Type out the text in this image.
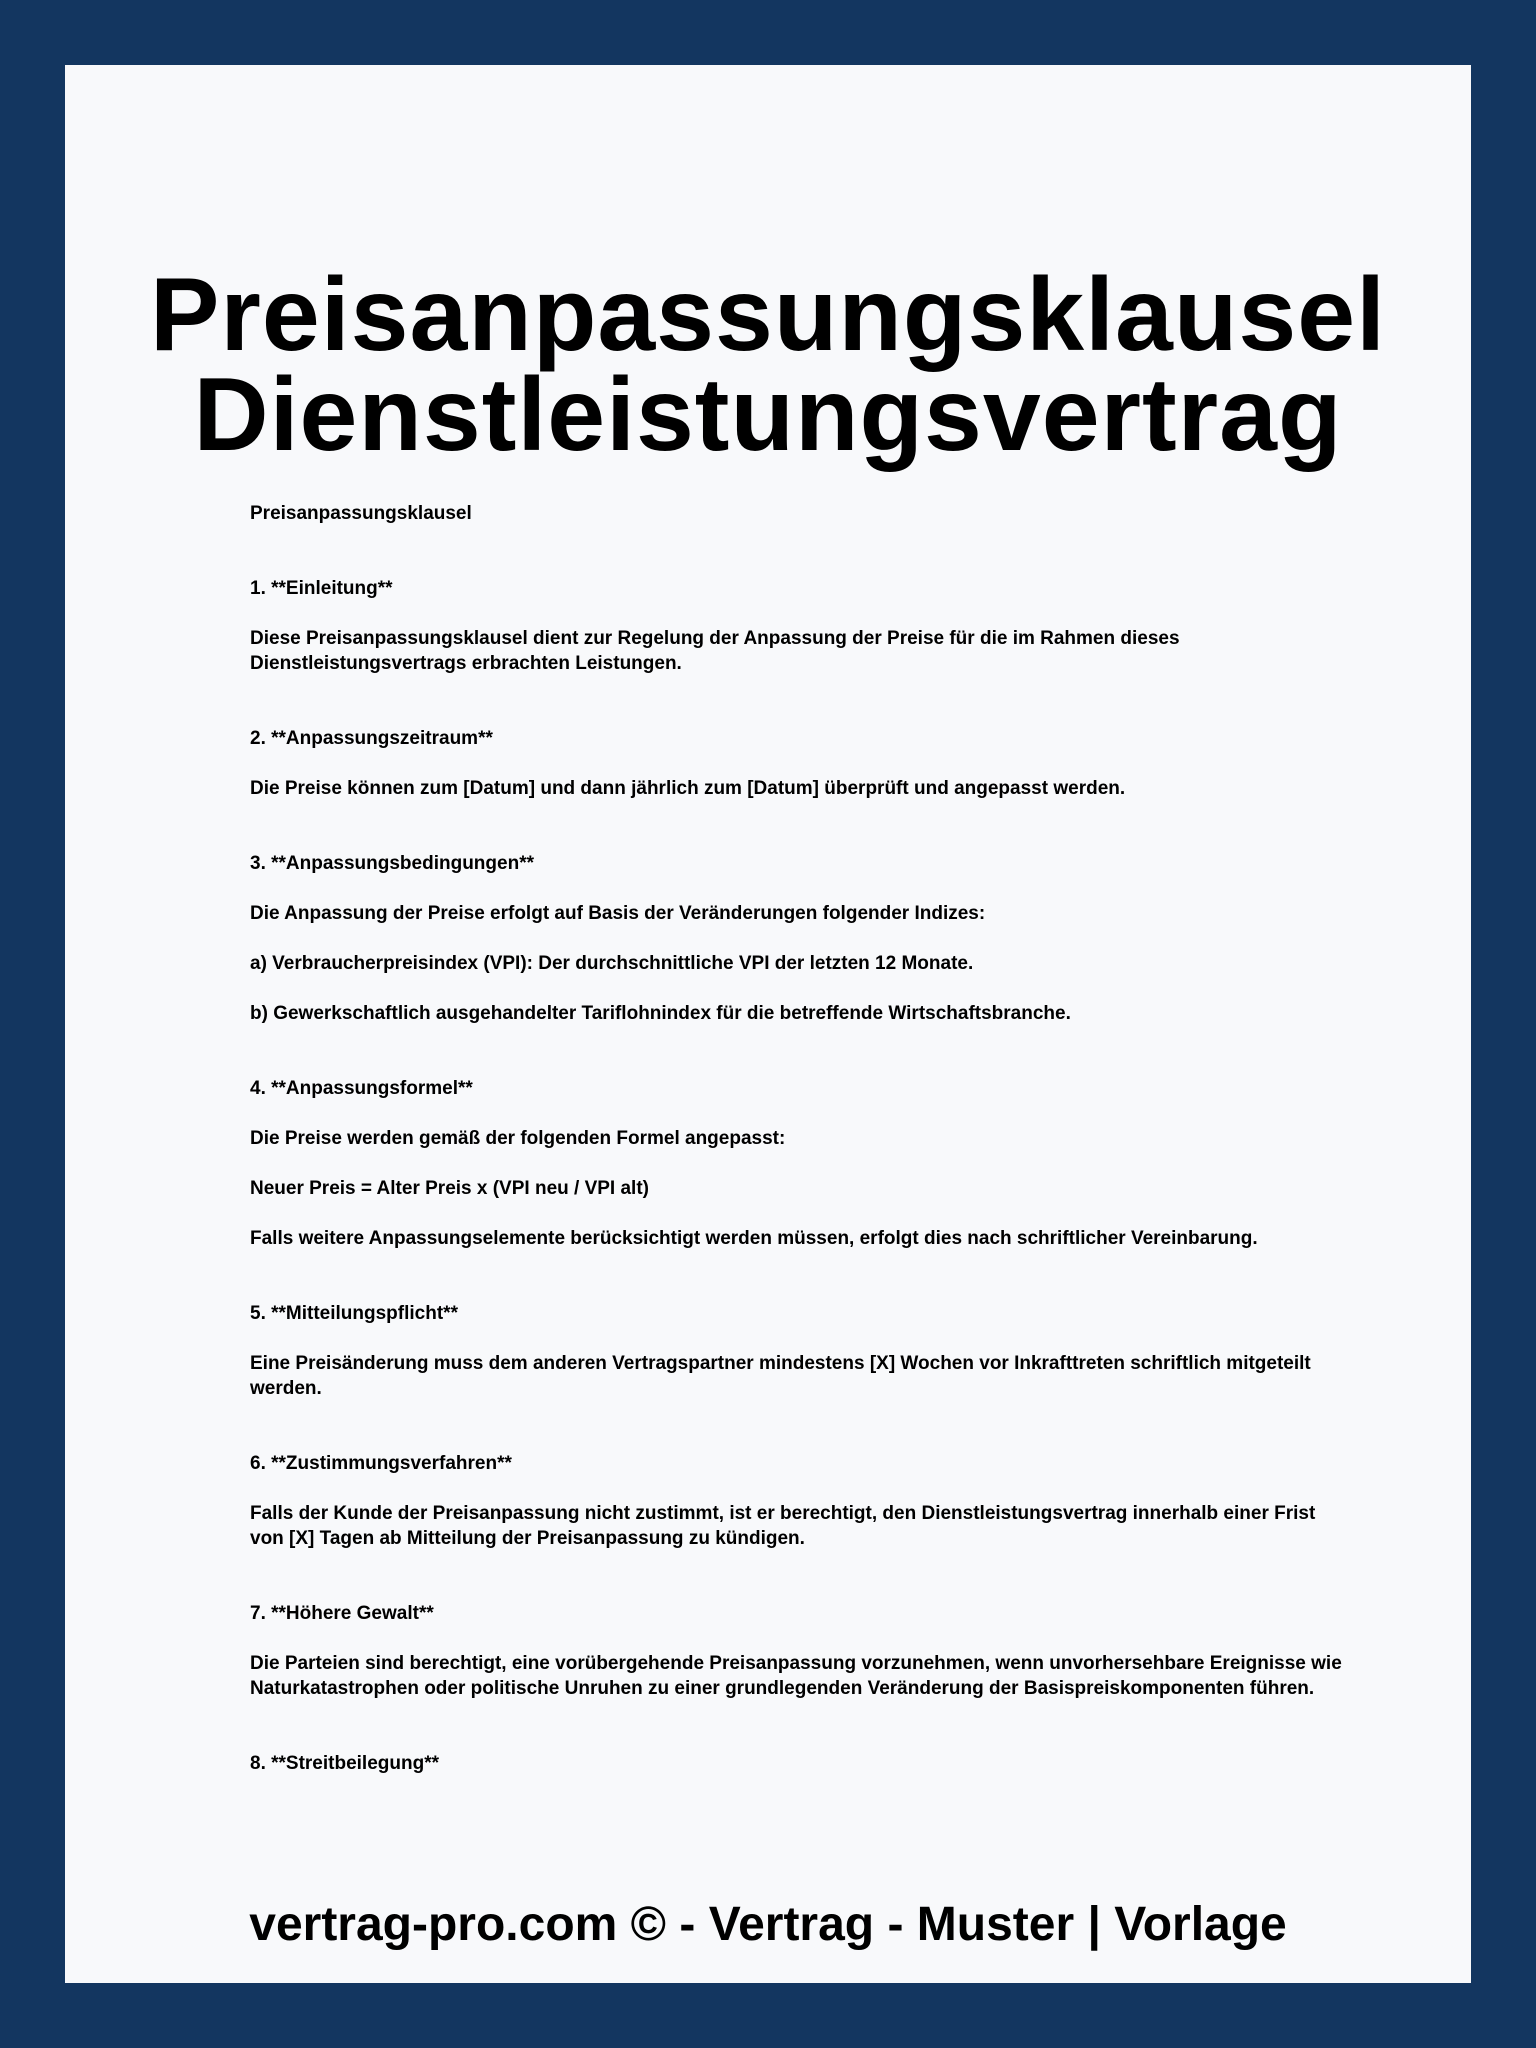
Preisanpassungsklausel
Dienstleistungsvertrag

Preisanpassungsklausel

1. **Einleitung**

Diese Preisanpassungsklausel dient zur Regelung der Anpassung der Preise für die im Rahmen dieses Dienstleistungsvertrags erbrachten Leistungen.

2. **Anpassungszeitraum**

Die Preise können zum [Datum] und dann jährlich zum [Datum] überprüft und angepasst werden.

3. **Anpassungsbedingungen**

Die Anpassung der Preise erfolgt auf Basis der Veränderungen folgender Indizes:

a) Verbraucherpreisindex (VPI): Der durchschnittliche VPI der letzten 12 Monate.

b) Gewerkschaftlich ausgehandelter Tariflohnindex für die betreffende Wirtschaftsbranche.

4. **Anpassungsformel**

Die Preise werden gemäß der folgenden Formel angepasst:

Neuer Preis = Alter Preis x (VPI neu / VPI alt)

Falls weitere Anpassungselemente berücksichtigt werden müssen, erfolgt dies nach schriftlicher Vereinbarung.

5. **Mitteilungspflicht**

Eine Preisänderung muss dem anderen Vertragspartner mindestens [X] Wochen vor Inkrafttreten schriftlich mitgeteilt werden.

6. **Zustimmungsverfahren**

Falls der Kunde der Preisanpassung nicht zustimmt, ist er berechtigt, den Dienstleistungsvertrag innerhalb einer Frist von [X] Tagen ab Mitteilung der Preisanpassung zu kündigen.

7. **Höhere Gewalt**

Die Parteien sind berechtigt, eine vorübergehende Preisanpassung vorzunehmen, wenn unvorhersehbare Ereignisse wie Naturkatastrophen oder politische Unruhen zu einer grundlegenden Veränderung der Basispreiskomponenten führen.

8. **Streitbeilegung**

vertrag-pro.com © - Vertrag - Muster | Vorlage
